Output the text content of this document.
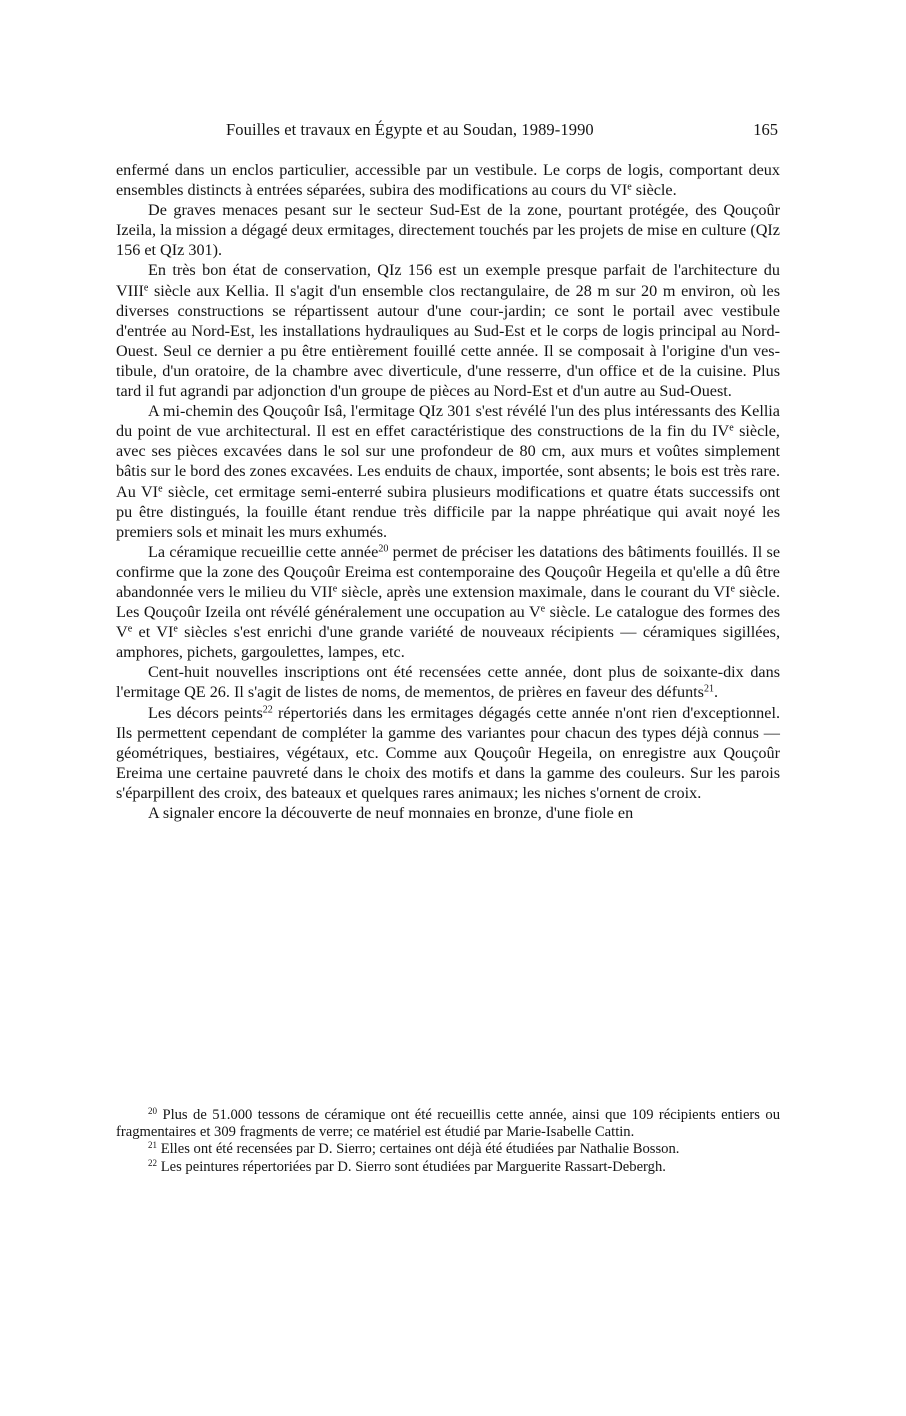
Fouilles et travaux en Égypte et au Soudan, 1989-1990	165

enfermé dans un enclos particulier, accessible par un vestibule. Le corps de logis, comportant deux ensembles distincts à entrées séparées, subira des modifications au cours du VIe siècle.

De graves menaces pesant sur le secteur Sud-Est de la zone, pourtant protégée, des Qouçoûr Izeila, la mission a dégagé deux ermitages, directement touchés par les projets de mise en culture (QIz 156 et QIz 301).

En très bon état de conservation, QIz 156 est un exemple presque parfait de l'architecture du VIIIe siècle aux Kellia. Il s'agit d'un ensemble clos rectangulaire, de 28 m sur 20 m environ, où les diverses constructions se répartissent autour d'une cour-jardin; ce sont le portail avec vestibule d'entrée au Nord-Est, les installations hydrauliques au Sud-Est et le corps de logis principal au Nord-Ouest. Seul ce dernier a pu être entièrement fouillé cette année. Il se composait à l'origine d'un vestibule, d'un oratoire, de la chambre avec diverticule, d'une resserre, d'un office et de la cuisine. Plus tard il fut agrandi par adjonction d'un groupe de pièces au Nord-Est et d'un autre au Sud-Ouest.

A mi-chemin des Qouçoûr Isâ, l'ermitage QIz 301 s'est révélé l'un des plus intéressants des Kellia du point de vue architectural. Il est en effet caractéristique des constructions de la fin du IVe siècle, avec ses pièces excavées dans le sol sur une profondeur de 80 cm, aux murs et voûtes simplement bâtis sur le bord des zones excavées. Les enduits de chaux, importée, sont absents; le bois est très rare. Au VIe siècle, cet ermitage semi-enterré subira plusieurs modifications et quatre états successifs ont pu être distingués, la fouille étant rendue très difficile par la nappe phréatique qui avait noyé les premiers sols et minait les murs exhumés.

La céramique recueillie cette année$^{20}$ permet de préciser les datations des bâtiments fouillés. Il se confirme que la zone des Qouçoûr Ereima est contemporaine des Qouçoûr Hegeila et qu'elle a dû être abandonnée vers le milieu du VIIe siècle, après une extension maximale, dans le courant du VIe siècle. Les Qouçoûr Izeila ont révélé généralement une occupation au Ve siècle. Le catalogue des formes des Ve et VIe siècles s'est enrichi d'une grande variété de nouveaux récipients — céramiques sigillées, amphores, pichets, gargoulettes, lampes, etc.

Cent-huit nouvelles inscriptions ont été recensées cette année, dont plus de soixante-dix dans l'ermitage QE 26. Il s'agit de listes de noms, de mementos, de prières en faveur des défunts$^{21}$.

Les décors peints$^{22}$ répertoriés dans les ermitages dégagés cette année n'ont rien d'exceptionnel. Ils permettent cependant de compléter la gamme des variantes pour chacun des types déjà connus — géométriques, bestiaires, végétaux, etc. Comme aux Qouçoûr Hegeila, on enregistre aux Qouçoûr Ereima une certaine pauvreté dans le choix des motifs et dans la gamme des couleurs. Sur les parois s'éparpillent des croix, des bateaux et quelques rares animaux; les niches s'ornent de croix.

A signaler encore la découverte de neuf monnaies en bronze, d'une fiole en

$^{20}$ Plus de 51.000 tessons de céramique ont été recueillis cette année, ainsi que 109 récipients entiers ou fragmentaires et 309 fragments de verre; ce matériel est étudié par Marie-Isabelle Cattin.

$^{21}$ Elles ont été recensées par D. Sierro; certaines ont déjà été étudiées par Nathalie Bosson.

$^{22}$ Les peintures répertoriées par D. Sierro sont étudiées par Marguerite Rassart-Debergh.
